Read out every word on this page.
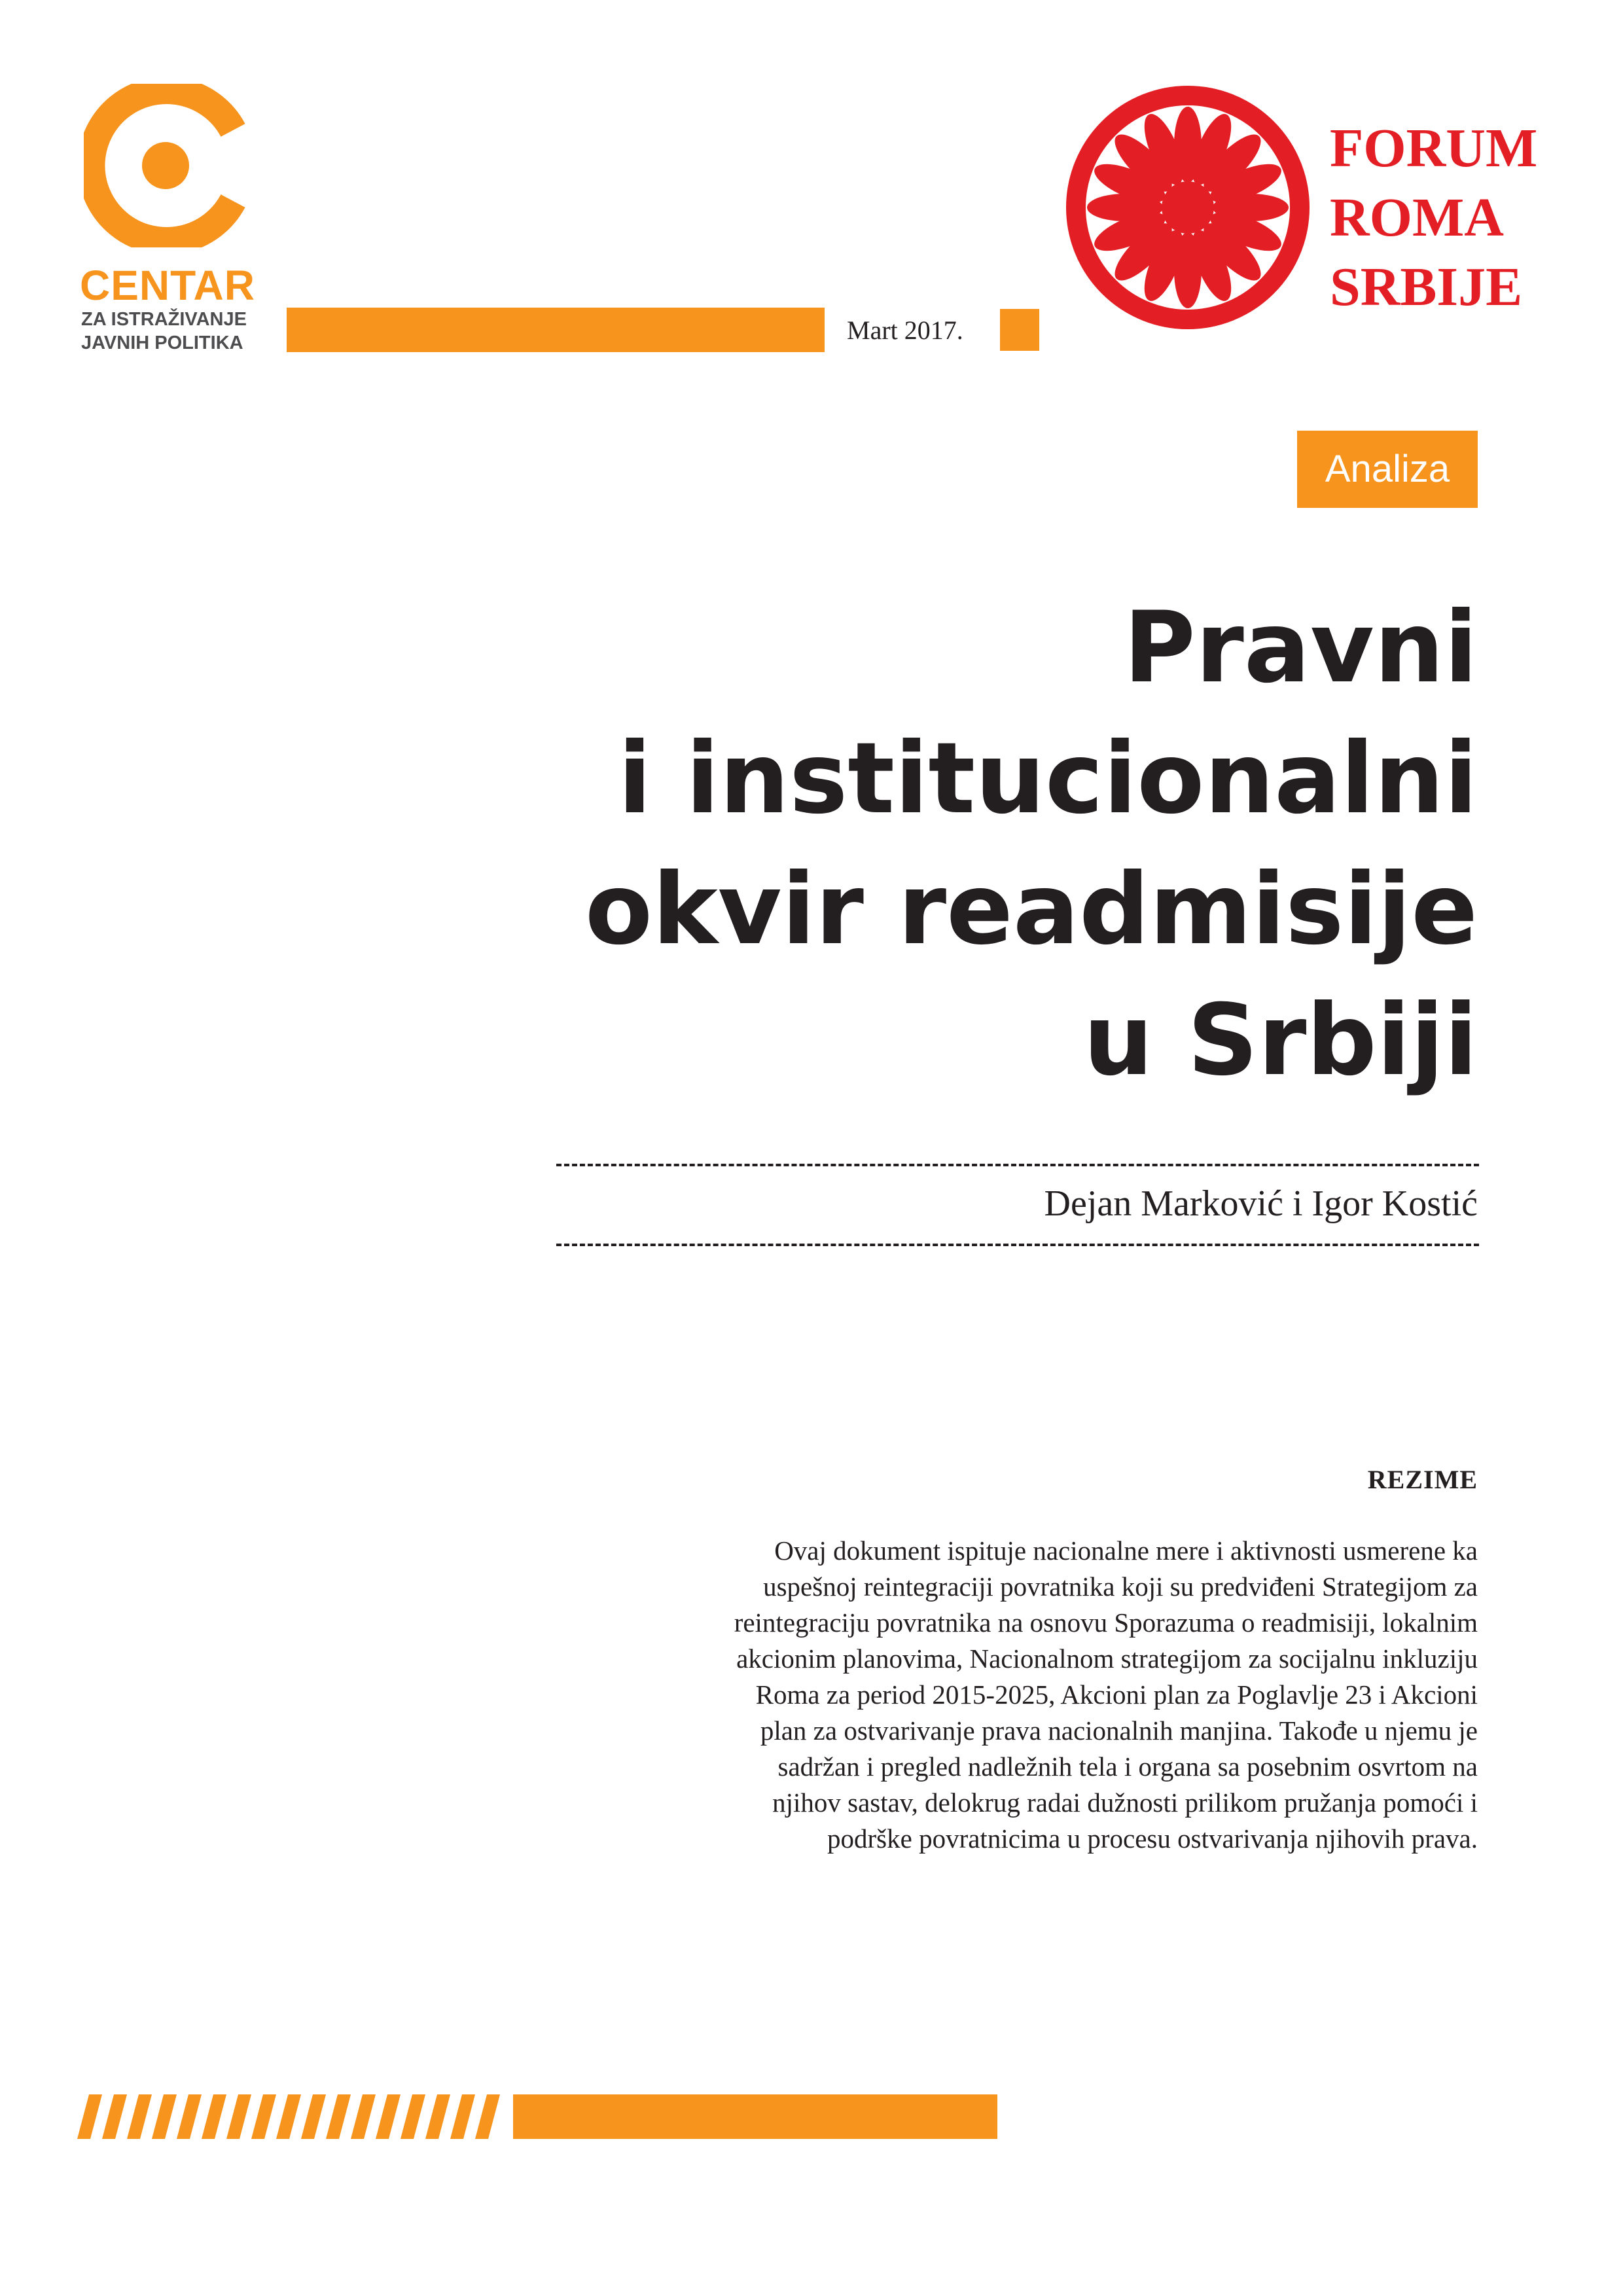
CENTAR
ZA ISTRAŽIVANJE
JAVNIH POLITIKA	Mart 2017.
FORUM
ROMA
SRBIJE
Analiza
Pravni
i institucionalni
okvir readmisije
u Srbiji
Dejan Marković i Igor Kostić
REZIME
Ovaj dokument ispituje nacionalne mere i aktivnosti usmerene ka
uspešnoj reintegraciji povratnika koji su predviđeni Strategijom za
reintegraciju povratnika na osnovu Sporazuma o readmisiji, lokalnim
akcionim planovima, Nacionalnom strategijom za socijalnu inkluziju
Roma za period 2015-2025, Akcioni plan za Poglavlje 23 i Akcioni
plan za ostvarivanje prava nacionalnih manjina. Takođe u njemu je
sadržan i pregled nadležnih tela i organa sa posebnim osvrtom na
njihov sastav, delokrug radai dužnosti prilikom pružanja pomoći i
podrške povratnicima u procesu ostvarivanja njihovih prava.
